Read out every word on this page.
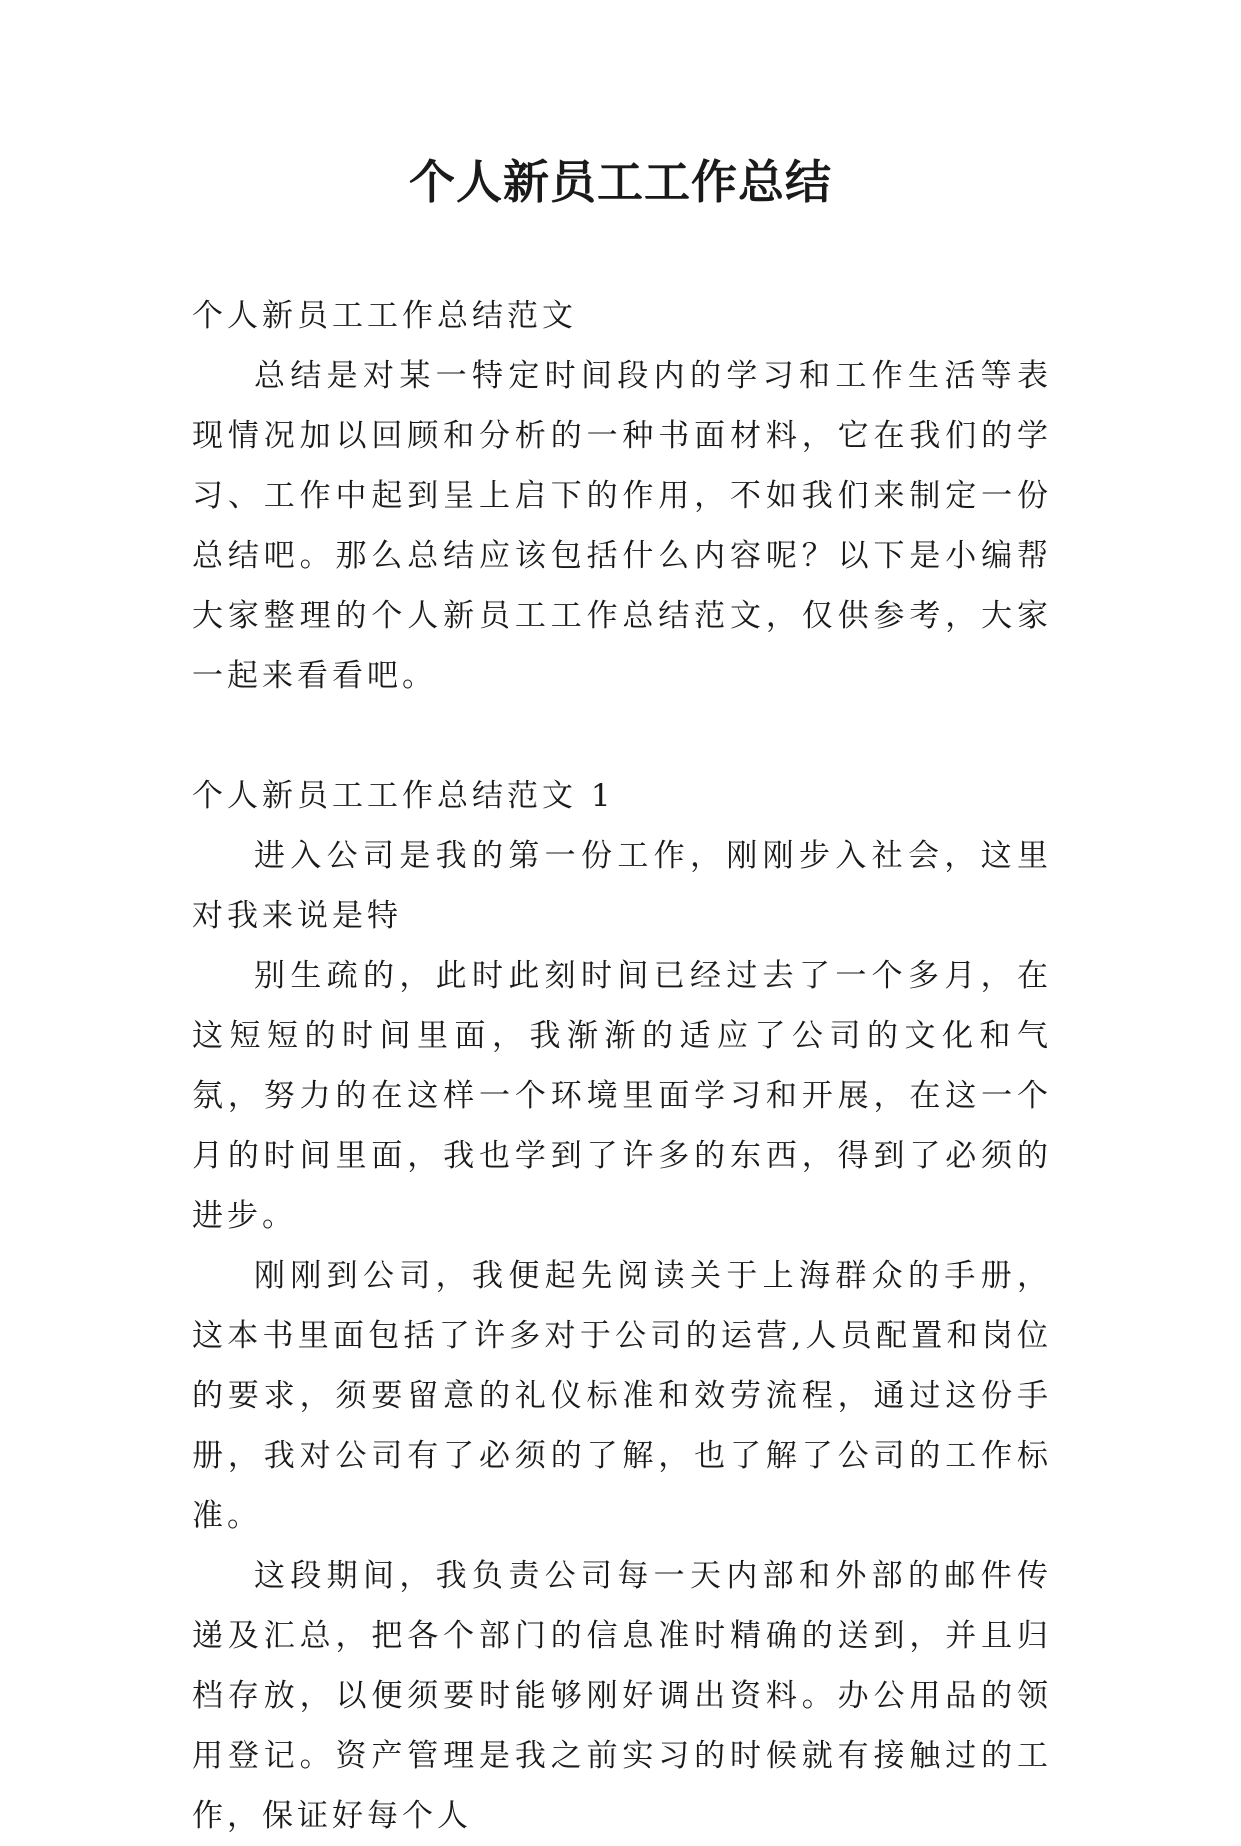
个人新员工工作总结

个人新员工工作总结范文

总结是对某一特定时间段内的学习和工作生活等表现情况加以回顾和分析的一种书面材料，它在我们的学习、工作中起到呈上启下的作用，不如我们来制定一份总结吧。那么总结应该包括什么内容呢？以下是小编帮大家整理的个人新员工工作总结范文，仅供参考，大家一起来看看吧。

个人新员工工作总结范文 1

进入公司是我的第一份工作，刚刚步入社会，这里对我来说是特

别生疏的，此时此刻时间已经过去了一个多月，在这短短的时间里面，我渐渐的适应了公司的文化和气氛，努力的在这样一个环境里面学习和开展，在这一个月的时间里面，我也学到了许多的东西，得到了必须的进步。

刚刚到公司，我便起先阅读关于上海群众的手册，这本书里面包括了许多对于公司的运营,人员配置和岗位的要求，须要留意的礼仪标准和效劳流程，通过这份手册，我对公司有了必须的了解，也了解了公司的工作标准。

这段期间，我负责公司每一天内部和外部的邮件传递及汇总，把各个部门的信息准时精确的送到，并且归档存放，以便须要时能够刚好调出资料。办公用品的领用登记。资产管理是我之前实习的时候就有接触过的工作，保证好每个人
